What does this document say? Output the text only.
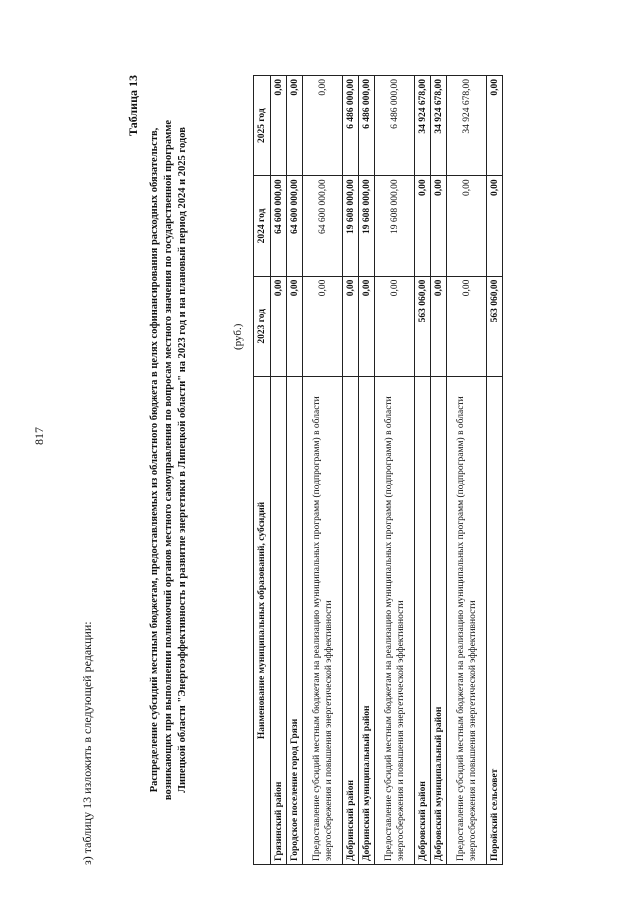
817
з) таблицу 13 изложить в следующей редакции:
Таблица 13
Распределение субсидий местным бюджетам, предоставляемых из областного бюджета в целях софинансирования расходных обязательств, возникающих при выполнении полномочий органов местного самоуправления по вопросам местного значения по государственной программе Липецкой области "Энергоэффективность и развитие энергетики в Липецкой области" на 2023 год и на плановый период 2024 и 2025 годов	(руб.)
Наименование муниципальных образований, субсидий	2023 год	2024 год	2025 год
Грязинский район	0,00	64 600 000,00	0,00
Городское поселение город Грязи	0,00	64 600 000,00	0,00
Предоставление субсидий местным бюджетам на реализацию муниципальных программ (подпрограмм) в области энергосбережения и повышения энергетической эффективности	0,00	64 600 000,00	0,00
Добринский район	0,00	19 608 000,00	6 486 000,00
Добринский муниципальный район	0,00	19 608 000,00	6 486 000,00
Предоставление субсидий местным бюджетам на реализацию муниципальных программ (подпрограмм) в области энергосбережения и повышения энергетической эффективности	0,00	19 608 000,00	6 486 000,00
Добровский район	563 060,00	0,00	34 924 678,00
Добровский муниципальный район	0,00	0,00	34 924 678,00
Предоставление субсидий местным бюджетам на реализацию муниципальных программ (подпрограмм) в области энергосбережения и повышения энергетической эффективности	0,00	0,00	34 924 678,00
Поройский сельсовет	563 060,00	0,00	0,00
